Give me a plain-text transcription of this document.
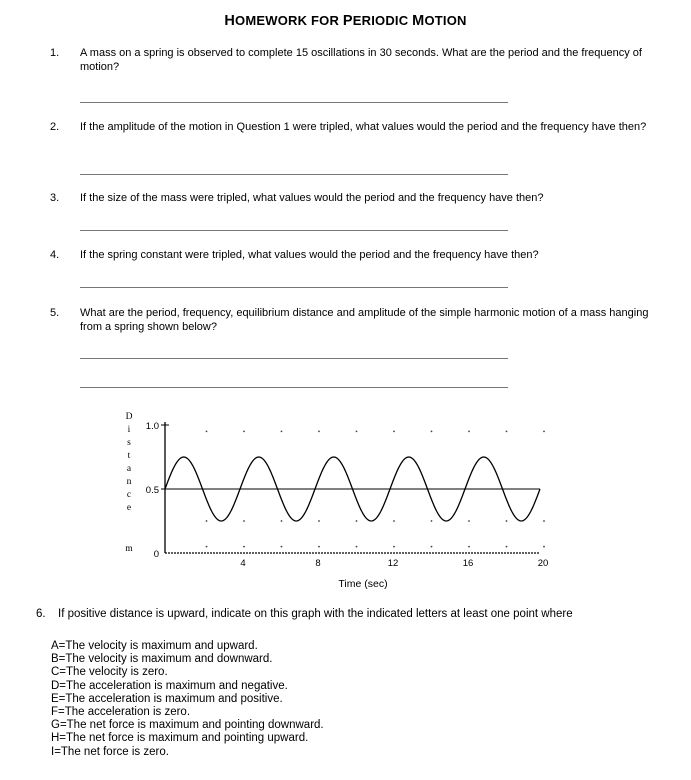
HOMEWORK FOR PERIODIC MOTION
1. A mass on a spring is observed to complete 15 oscillations in 30 seconds. What are the period and the frequency of motion?
2. If the amplitude of the motion in Question 1 were tripled, what values would the period and the frequency have then?
3. If the size of the mass were tripled, what values would the period and the frequency have then?
4. If the spring constant were tripled, what values would the period and the frequency have then?
5. What are the period, frequency, equilibrium distance and amplitude of the simple harmonic motion of a mass hanging from a spring shown below?
0
0.5
1.0
4	8	12	16	20
D
i
s
t
a
n
c
e
m
Time (sec)
6. If positive distance is upward, indicate on this graph with the indicated letters at least one point where
A=The velocity is maximum and upward.
B=The velocity is maximum and downward.
C=The velocity is zero.
D=The acceleration is maximum and negative.
E=The acceleration is maximum and positive.
F=The acceleration is zero.
G=The net force is maximum and pointing downward.
H=The net force is maximum and pointing upward.
I=The net force is zero.
